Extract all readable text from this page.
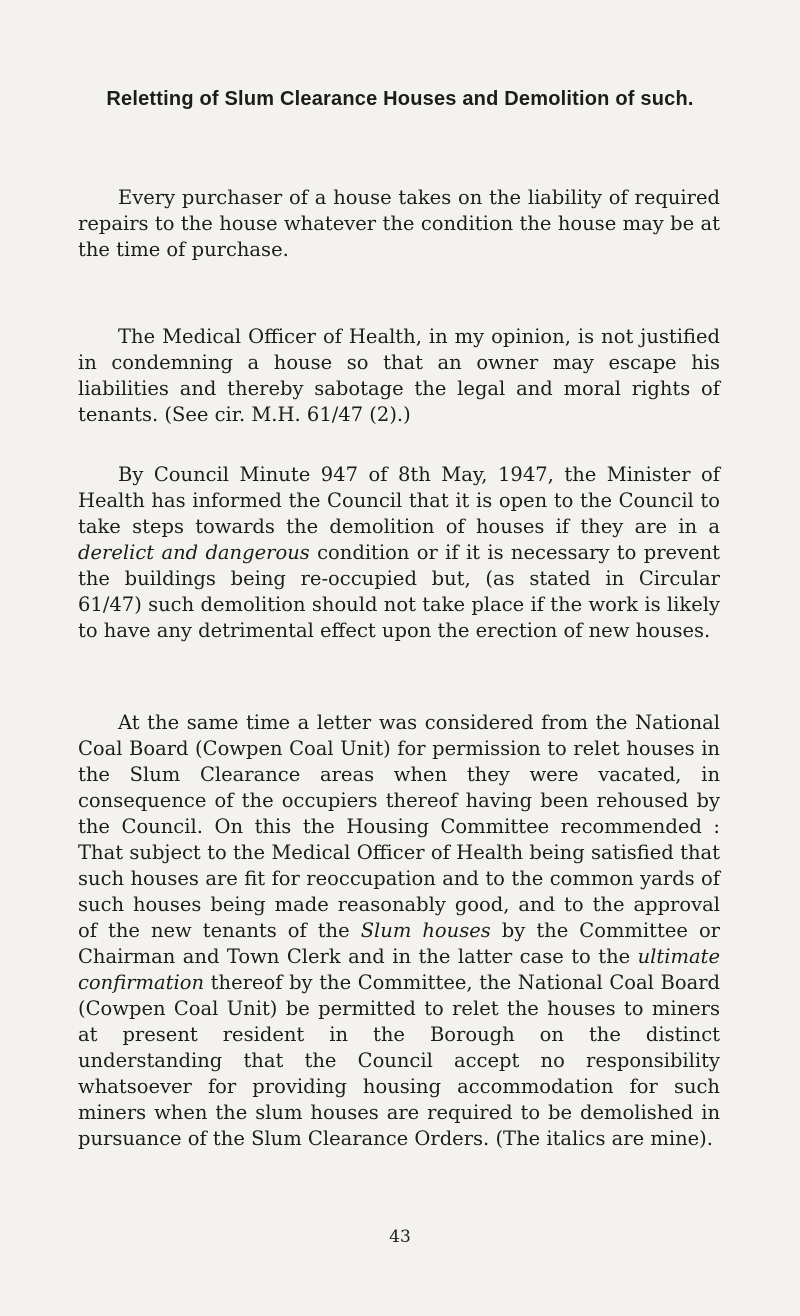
Reletting of Slum Clearance Houses and Demolition of such.

Every purchaser of a house takes on the liability of required repairs to the house whatever the condition the house may be at the time of purchase.

The Medical Officer of Health, in my opinion, is not justified in condemning a house so that an owner may escape his liabilities and thereby sabotage the legal and moral rights of tenants. (See cir. M.H. 61/47 (2).)

By Council Minute 947 of 8th May, 1947, the Minister of Health has informed the Council that it is open to the Council to take steps towards the demolition of houses if they are in a derelict and dangerous condition or if it is necessary to prevent the buildings being re-occupied but, (as stated in Circular 61/47) such demolition should not take place if the work is likely to have any detrimental effect upon the erection of new houses.

At the same time a letter was considered from the National Coal Board (Cowpen Coal Unit) for permission to relet houses in the Slum Clearance areas when they were vacated, in consequence of the occupiers thereof having been rehoused by the Council. On this the Housing Committee recommended : That subject to the Medical Officer of Health being satisfied that such houses are fit for reoccupation and to the common yards of such houses being made reasonably good, and to the approval of the new tenants of the Slum houses by the Committee or Chairman and Town Clerk and in the latter case to the ultimate confirmation thereof by the Committee, the National Coal Board (Cowpen Coal Unit) be permitted to relet the houses to miners at present resident in the Borough on the distinct understanding that the Council accept no responsibility whatsoever for providing housing accommodation for such miners when the slum houses are required to be demolished in pursuance of the Slum Clearance Orders. (The italics are mine).

43
